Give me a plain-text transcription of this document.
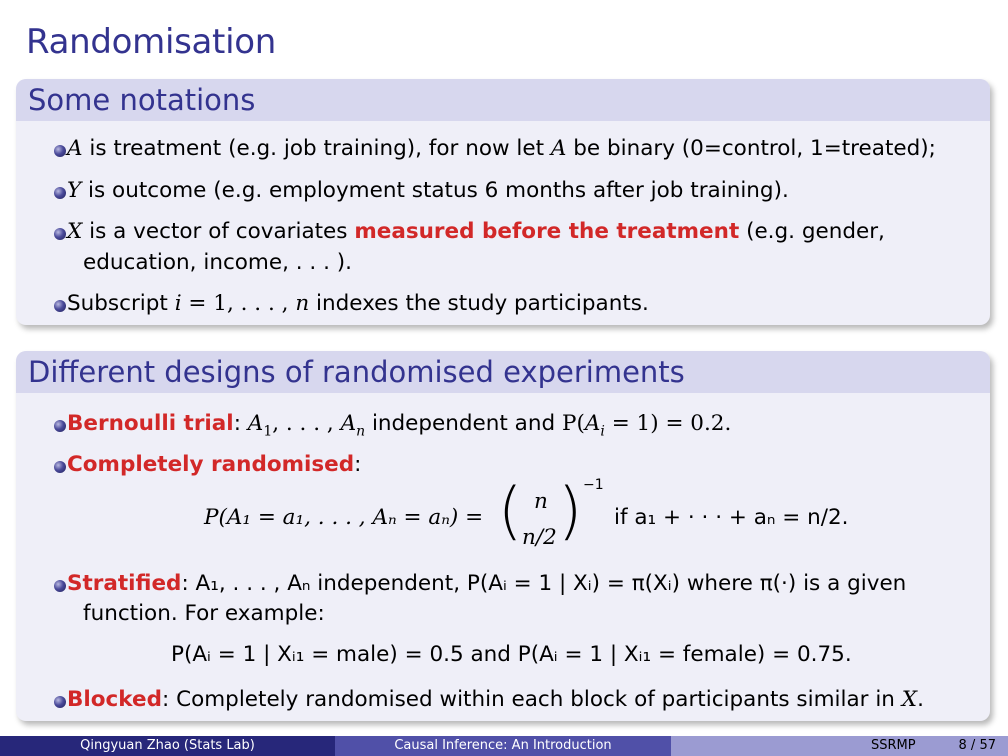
Randomisation
Some notations
A is treatment (e.g. job training), for now let A be binary (0=control, 1=treated);
Y is outcome (e.g. employment status 6 months after job training).
X is a vector of covariates measured before the treatment (e.g. gender,
education, income, . . . ).
Subscript i = 1, . . . , n indexes the study participants.
Different designs of randomised experiments
Bernoulli trial: $A_1$, . . . , $A_n$ independent and $P(A_i = 1) = 0.2$.
Completely randomised:
P(A₁ = a₁, . . . , Aₙ = aₙ) = ( n
n/2 ) −1
if a₁ + · · · + aₙ = n/2.
Stratified: A₁, . . . , Aₙ independent, P(Aᵢ = 1 | Xᵢ) = π(Xᵢ) where π(·) is a given
function. For example:
P(Aᵢ = 1 | Xᵢ₁ = male) = 0.5 and P(Aᵢ = 1 | Xᵢ₁ = female) = 0.75.
Blocked: Completely randomised within each block of participants similar in X.
Qingyuan Zhao (Stats Lab)	Causal Inference: An Introduction	SSRMP	8 / 57
